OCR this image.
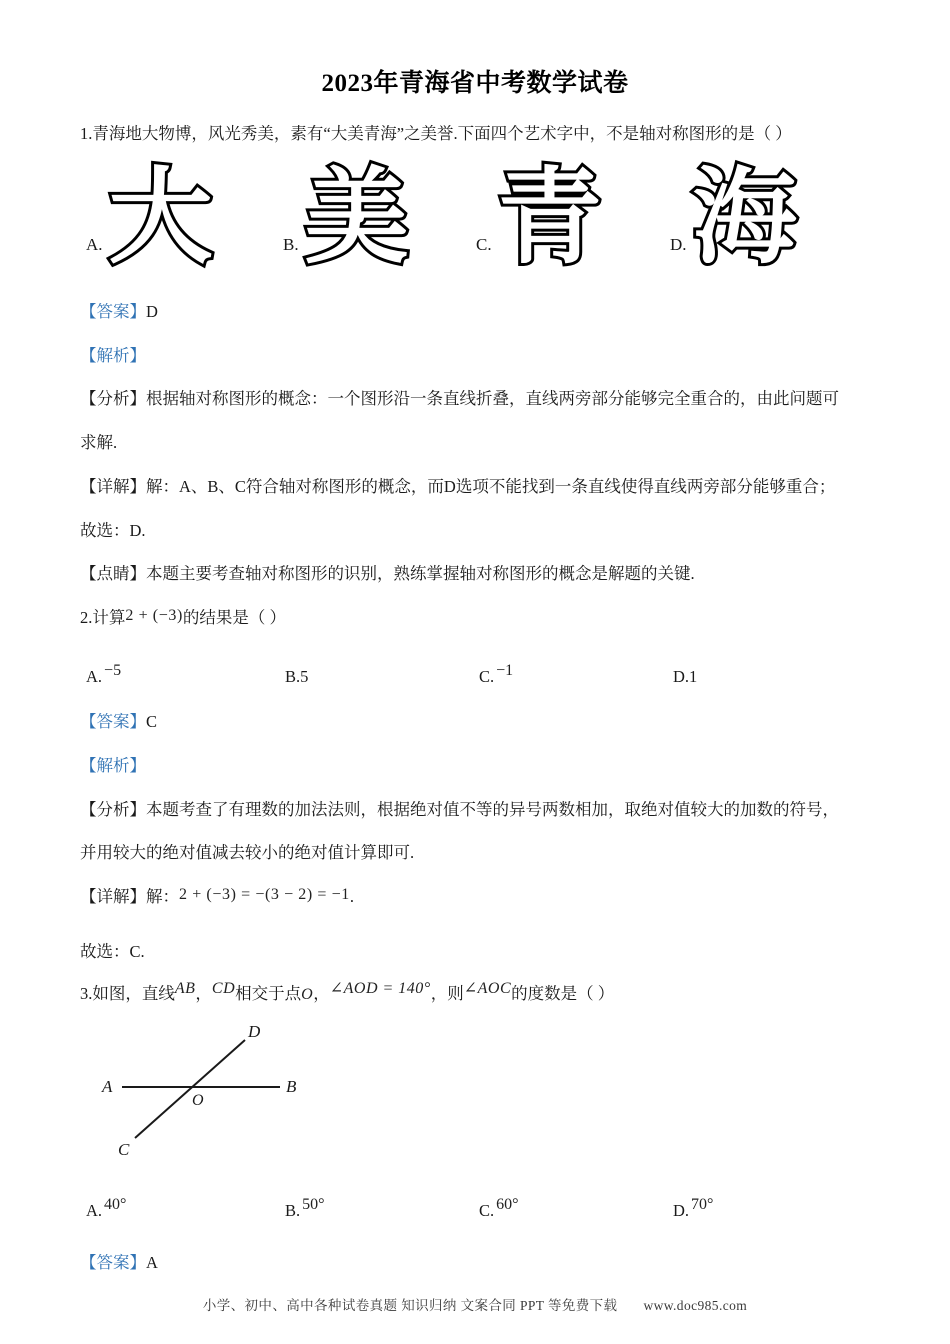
2023年青海省中考数学试卷
1.青海地大物博，风光秀美，素有“大美青海”之美誉.下面四个艺术字中，不是轴对称图形的是（ ）
A. 大	B. 美	C. 青	D. 海
【答案】D
【解析】
【分析】根据轴对称图形的概念：一个图形沿一条直线折叠，直线两旁部分能够完全重合的，由此问题可
求解.
【详解】解：A、B、C符合轴对称图形的概念，而D选项不能找到一条直线使得直线两旁部分能够重合；
故选：D.
【点睛】本题主要考查轴对称图形的识别，熟练掌握轴对称图形的概念是解题的关键.
2.计算2 + (−3)的结果是（ ）
A. −5	B.5	C. −1	D.1
【答案】C
【解析】
【分析】本题考查了有理数的加法法则，根据绝对值不等的异号两数相加，取绝对值较大的加数的符号，
并用较大的绝对值减去较小的绝对值计算即可.
【详解】解：2 + (−3) = −(3 − 2) = −1.
故选：C.
3.如图，直线AB，CD相交于点O，∠AOD = 140°，则∠AOC的度数是（ ）
A	B
C
D
O
A. 40°	B. 50°	C. 60°	D. 70°
【答案】A
小学、初中、高中各种试卷真题 知识归纳 文案合同 PPT 等免费下载 www.doc985.com
